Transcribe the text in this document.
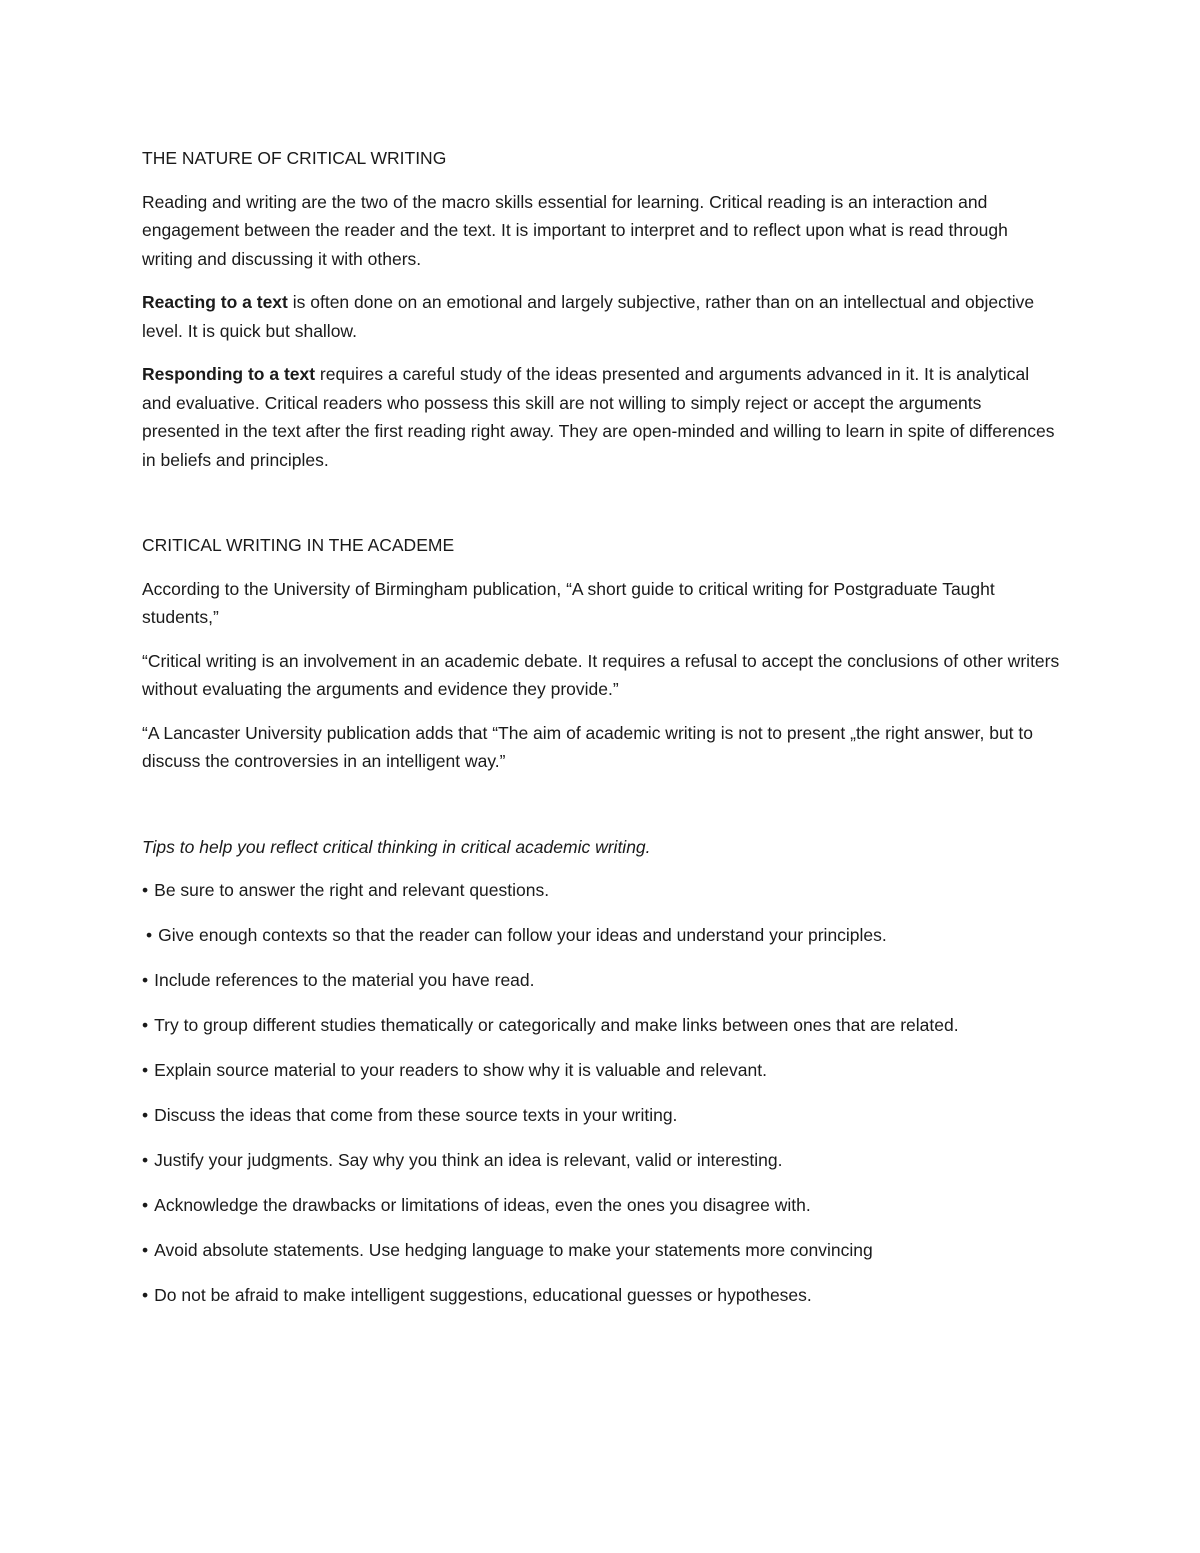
THE NATURE OF CRITICAL WRITING

Reading and writing are the two of the macro skills essential for learning. Critical reading is an interaction and engagement between the reader and the text. It is important to interpret and to reflect upon what is read through writing and discussing it with others.

Reacting to a text is often done on an emotional and largely subjective, rather than on an intellectual and objective level. It is quick but shallow.

Responding to a text requires a careful study of the ideas presented and arguments advanced in it. It is analytical and evaluative. Critical readers who possess this skill are not willing to simply reject or accept the arguments presented in the text after the first reading right away. They are open-minded and willing to learn in spite of differences in beliefs and principles.

CRITICAL WRITING IN THE ACADEME

According to the University of Birmingham publication, “A short guide to critical writing for Postgraduate Taught students,”

“Critical writing is an involvement in an academic debate. It requires a refusal to accept the conclusions of other writers without evaluating the arguments and evidence they provide.”

“A Lancaster University publication adds that “The aim of academic writing is not to present „the right answer, but to discuss the controversies in an intelligent way.”

Tips to help you reflect critical thinking in critical academic writing.

• Be sure to answer the right and relevant questions.
• Give enough contexts so that the reader can follow your ideas and understand your principles.
• Include references to the material you have read.
• Try to group different studies thematically or categorically and make links between ones that are related.
• Explain source material to your readers to show why it is valuable and relevant.
• Discuss the ideas that come from these source texts in your writing.
• Justify your judgments. Say why you think an idea is relevant, valid or interesting.
• Acknowledge the drawbacks or limitations of ideas, even the ones you disagree with.
• Avoid absolute statements. Use hedging language to make your statements more convincing
• Do not be afraid to make intelligent suggestions, educational guesses or hypotheses.
